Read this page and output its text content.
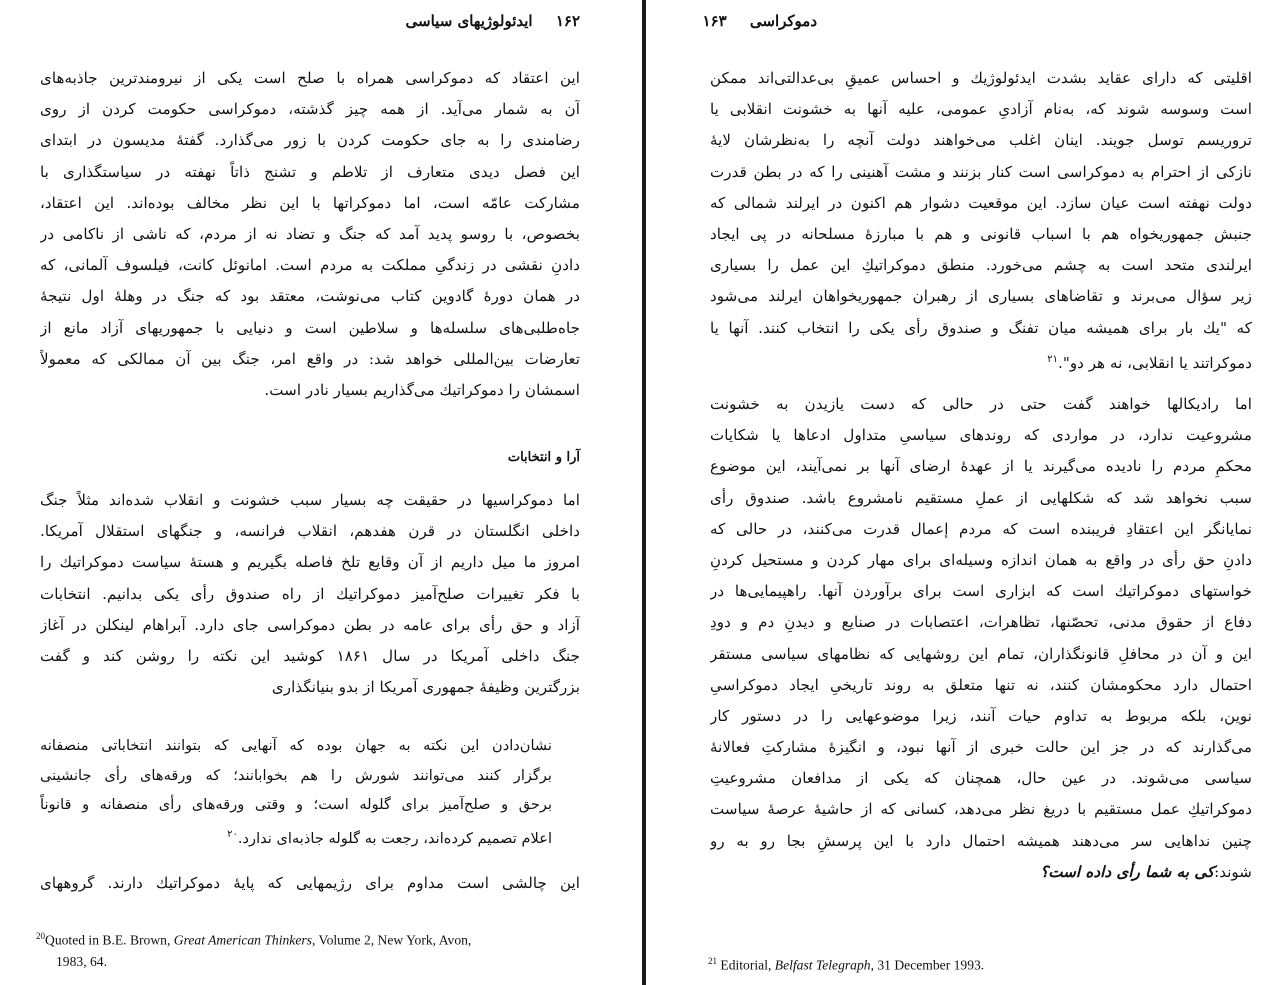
۱۶۲ ایدئولوژیهای سیاسی
این اعتقاد که دموکراسی همراه با صلح است یکی از نیرومندترین جاذبه‌های
آن به شمار می‌آید. از همه چیز گذشته، دموکراسی حکومت کردن از روی
رضامندی را به جای حکومت کردن با زور می‌گذارد. گفتهٔ مدیسون در ابتدای
این فصل دیدی متعارف از تلاطم و تشنج ذاتاً نهفته در سیاستگذاری با
مشارکت عامّه است، اما دموکراتها با این نظر مخالف بوده‌اند. این اعتقاد،
بخصوص، با روسو پدید آمد که جنگ و تضاد نه از مردم، که ناشی از ناکامی در
دادنِ نقشی در زندگیِ مملکت به مردم است. امانوئل کانت، فیلسوف آلمانی، که
در همان دورهٔ گادوین کتاب می‌نوشت، معتقد بود که جنگ در وهلهٔ اول نتیجهٔ
جاه‌طلبی‌های سلسله‌ها و سلاطین است و دنیایی با جمهوریهای آزاد مانع از
تعارضات بین‌المللی خواهد شد: در واقع امر، جنگ بین آن ممالکی که معمولاً
اسمشان را دموکراتیك می‌گذاریم بسیار نادر است.
آرا و انتخابات
اما دموکراسیها در حقیقت چه بسیار سبب خشونت و انقلاب شده‌اند مثلاً جنگ
داخلی انگلستان در قرن هفدهم، انقلاب فرانسه، و جنگهای استقلال آمریکا.
امروز ما میل داریم از آن وقایع تلخ فاصله بگیریم و هستهٔ سیاست دموکراتیك را
با فکر تغییرات صلح‌آمیز دموکراتیك از راه صندوق رأی یکی بدانیم. انتخابات
آزاد و حق رأی برای عامه در بطن دموکراسی جای دارد. آبراهام لینکلن در آغاز
جنگ داخلی آمریکا در سال ۱۸۶۱ کوشید این نکته را روشن کند و گفت
بزرگترین وظیفهٔ جمهوری آمریکا از بدو بنیانگذاری
نشان‌دادن این نکته به جهان بوده که آنهایی که بتوانند انتخاباتی منصفانه
برگزار کنند می‌توانند شورش را هم بخوابانند؛ که ورقه‌های رأی جانشینی
برحق و صلح‌آمیز برای گلوله است؛ و وقتی ورقه‌های رأی منصفانه و قانوناً
اعلام تصمیم کرده‌اند، رجعت به گلوله جاذبه‌ای ندارد.$^{۲۰}$
این چالشی است مداوم برای رژیمهایی که پایهٔ دموکراتیك دارند. گروههای
$^{20}$Quoted in B.E. Brown, Great American Thinkers, Volume 2, New York, Avon,
1983, 64.
دموکراسی ۱۶۳
اقلیتی که دارای عقاید بشدت ایدئولوژیك و احساس عمیقِ بی‌عدالتی‌اند ممکن
است وسوسه شوند که، به‌نام آزادیِ عمومی، علیه آنها به خشونت انقلابی یا
تروریسم توسل جویند. اینان اغلب می‌خواهند دولت آنچه را به‌نظرشان لایهٔ
نازکی از احترام به دموکراسی است کنار بزنند و مشت آهنینی را که در بطن قدرت
دولت نهفته است عیان سازد. این موقعیت دشوار هم اکنون در ایرلند شمالی که
جنبش جمهوریخواه هم با اسباب قانونی و هم با مبارزهٔ مسلحانه در پی ایجاد
ایرلندی متحد است به چشم می‌خورد. منطق دموکراتیكِ این عمل را بسیاری
زیر سؤال می‌برند و تقاضاهای بسیاری از رهبران جمهوریخواهان ایرلند می‌شود
که "یك بار برای همیشه میان تفنگ و صندوق رأی یکی را انتخاب کنند. آنها یا
دموکراتند یا انقلابی، نه هر دو".$^{۲۱}$
اما رادیکالها خواهند گفت حتی در حالی که دست یازیدن به خشونت
مشروعیت ندارد، در مواردی که روندهای سیاسیِ متداول ادعاها یا شکایات
محکمِ مردم را نادیده می‌گیرند یا از عهدهٔ ارضای آنها بر نمی‌آیند، این موضوع
سبب نخواهد شد که شکلهایی از عملِ مستقیم نامشروع باشد. صندوق رأی
نمایانگر این اعتقادِ فریبنده است که مردم إعمال قدرت می‌کنند، در حالی که
دادنِ حق رأی در واقع به همان اندازه وسیله‌ای برای مهار کردن و مستحیل کردنِ
خواستهای دموکراتیك است که ابزاری است برای برآوردن آنها. راهپیمایی‌ها در
دفاع از حقوق مدنی، تحصّنها، تظاهرات، اعتصابات در صنایع و دیدنِ دم و دودِ
این و آن در محافلِ قانونگذاران، تمام این روشهایی که نظامهای سیاسی مستقر
احتمال دارد محکومشان کنند، نه تنها متعلق به روند تاریخیِ ایجاد دموکراسیِ
نوین، بلکه مربوط به تداوم حیات آنند، زیرا موضوعهایی را در دستور کار
می‌گذارند که در جز این حالت خبری از آنها نبود، و انگیزهٔ مشارکتِ فعالانهٔ
سیاسی می‌شوند. در عین حال، همچنان که یکی از مدافعان مشروعیتِ
دموکراتیكِ عمل مستقیم با دریغ نظر می‌دهد، کسانی که از حاشیهٔ عرصهٔ سیاست
چنین نداهایی سر می‌دهند همیشه احتمال دارد با این پرسشِ بجا رو به رو
شوند:کی به شما رأی داده است؟
$^{21}$ Editorial, Belfast Telegraph, 31 December 1993.
